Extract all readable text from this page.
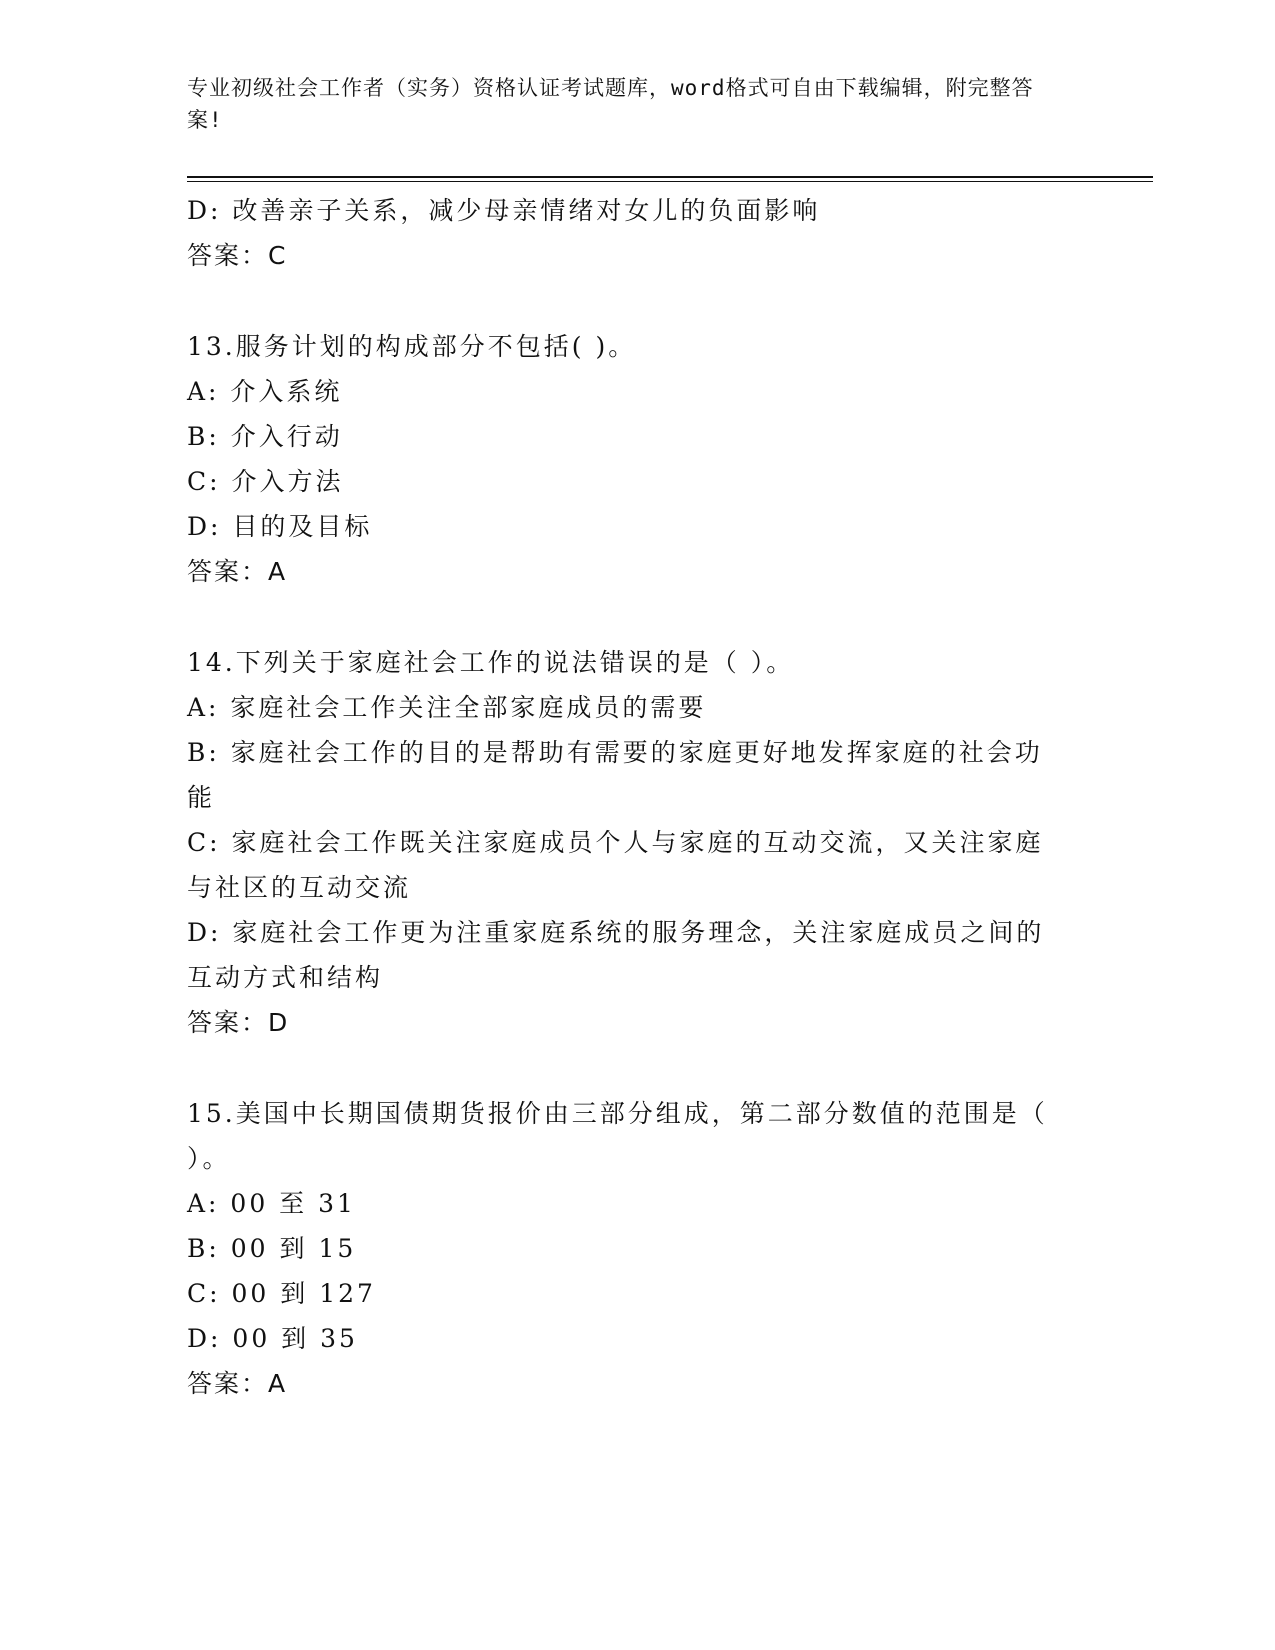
专业初级社会工作者（实务）资格认证考试题库，word格式可自由下载编辑，附完整答案!
D: 改善亲子关系，减少母亲情绪对女儿的负面影响
答案：C
13.服务计划的构成部分不包括( )。
A: 介入系统
B: 介入行动
C: 介入方法
D: 目的及目标
答案：A
14.下列关于家庭社会工作的说法错误的是（ ）。
A: 家庭社会工作关注全部家庭成员的需要
B: 家庭社会工作的目的是帮助有需要的家庭更好地发挥家庭的社会功能
C: 家庭社会工作既关注家庭成员个人与家庭的互动交流，又关注家庭与社区的互动交流
D: 家庭社会工作更为注重家庭系统的服务理念，关注家庭成员之间的互动方式和结构
答案：D
15.美国中长期国债期货报价由三部分组成，第二部分数值的范围是（ ）。
A: 00 至 31
B: 00 到 15
C: 00 到 127
D: 00 到 35
答案：A
